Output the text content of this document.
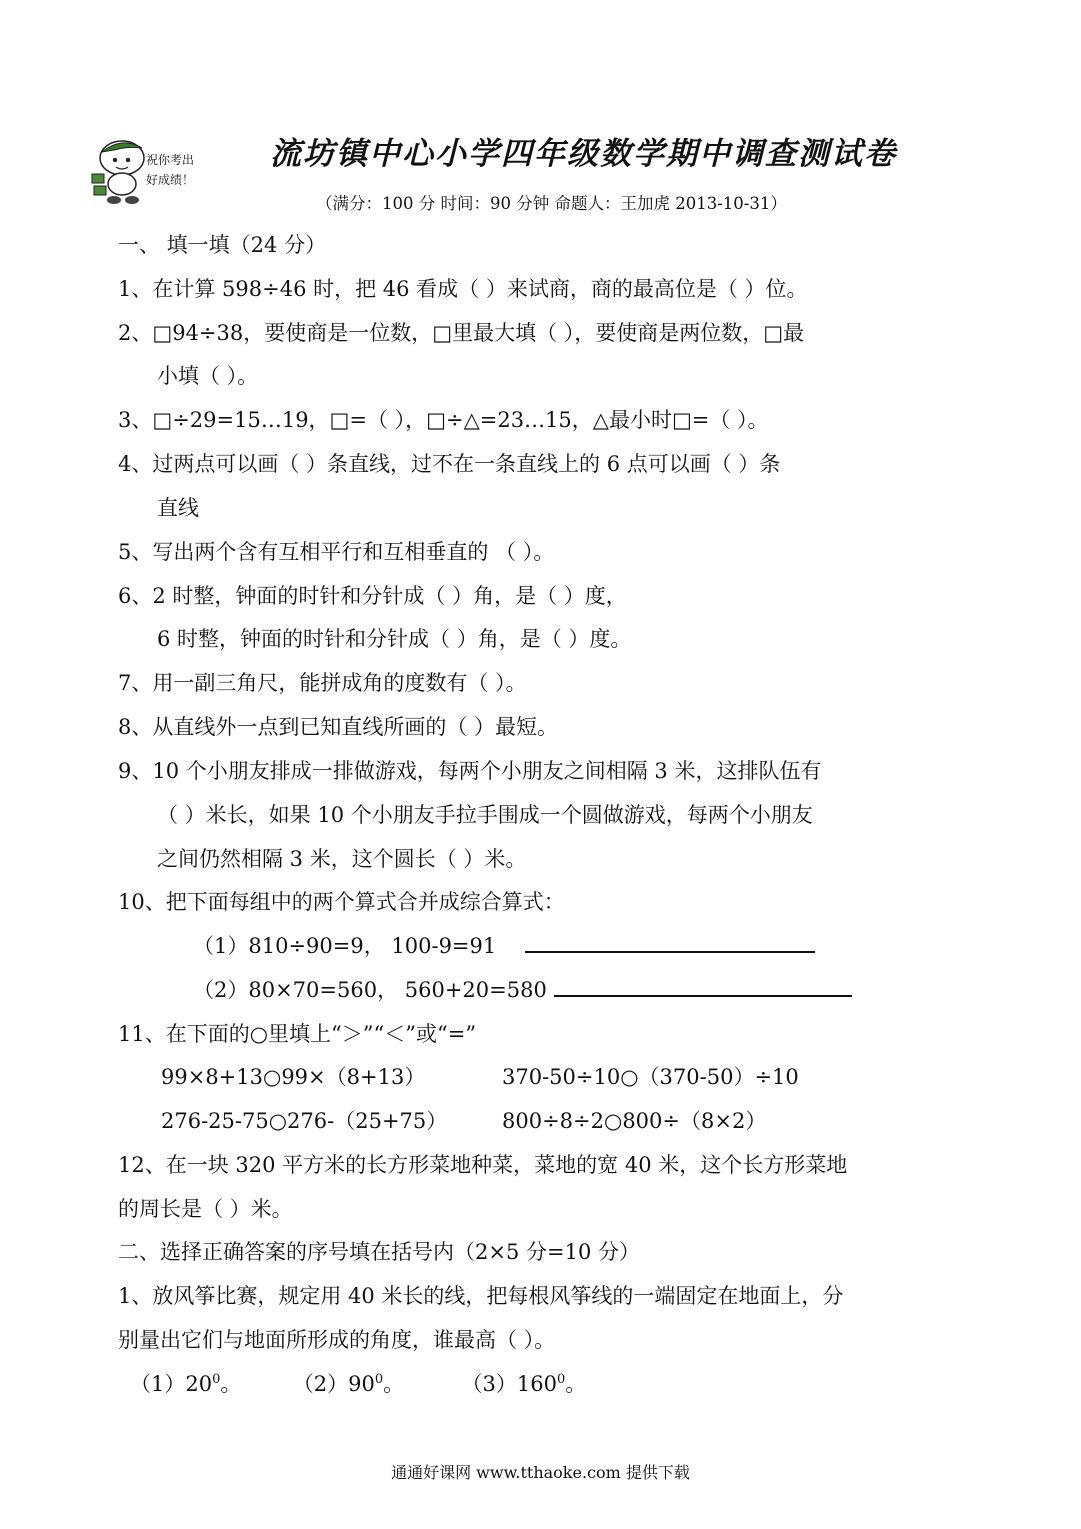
祝你考出
好成绩！
流坊镇中心小学四年级数学期中调查测试卷
（满分：100 分 时间：90 分钟 命题人：王加虎 2013-10-31）
一、 填一填（24 分）
1、在计算 598÷46 时，把 46 看成（ ）来试商，商的最高位是（ ）位。
2、□94÷38，要使商是一位数，□里最大填（ ），要使商是两位数，□最
小填（ ）。
3、□÷29=15…19，□=（ ），□÷△=23…15，△最小时□=（ ）。
4、过两点可以画（ ）条直线，过不在一条直线上的 6 点可以画（ ）条
直线
5、写出两个含有互相平行和互相垂直的 （ ）。
6、2 时整，钟面的时针和分针成（ ）角，是（ ）度，
6 时整，钟面的时针和分针成（ ）角，是（ ）度。
7、用一副三角尺，能拼成角的度数有（ ）。
8、从直线外一点到已知直线所画的（ ）最短。
9、10 个小朋友排成一排做游戏，每两个小朋友之间相隔 3 米，这排队伍有
（ ）米长，如果 10 个小朋友手拉手围成一个圆做游戏，每两个小朋友
之间仍然相隔 3 米，这个圆长（ ）米。
10、把下面每组中的两个算式合并成综合算式：
（1）810÷90=9， 100-9=91
（2）80×70=560， 560+20=580
11、在下面的○里填上“＞”“＜”或“=”
99×8+13○99×（8+13）	370-50÷10○（370-50）÷10
276-25-75○276-（25+75）	800÷8÷2○800÷（8×2）
12、在一块 320 平方米的长方形菜地种菜，菜地的宽 40 米，这个长方形菜地
的周长是（ ）米。
二、选择正确答案的序号填在括号内（2×5 分=10 分）
1、放风筝比赛，规定用 40 米长的线，把每根风筝线的一端固定在地面上，分
别量出它们与地面所形成的角度，谁最高（ ）。
$(1)20^0$。 $(2)90^0$。	$(3)160^0$。
通通好课网 www.tthaoke.com 提供下载
